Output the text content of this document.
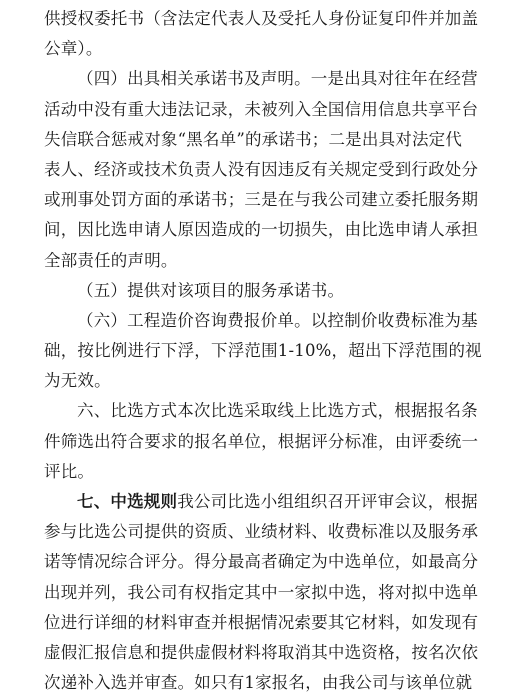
供授权委托书（含法定代表人及受托人身份证复印件并加盖
公章）。
（四）出具相关承诺书及声明。一是出具对往年在经营
活动中没有重大违法记录，未被列入全国信用信息共享平台
失信联合惩戒对象“黑名单”的承诺书；二是出具对法定代
表人、经济或技术负责人没有因违反有关规定受到行政处分
或刑事处罚方面的承诺书；三是在与我公司建立委托服务期
间，因比选申请人原因造成的一切损失，由比选申请人承担
全部责任的声明。
（五）提供对该项目的服务承诺书。
（六）工程造价咨询费报价单。以控制价收费标准为基
础，按比例进行下浮，下浮范围1-10%，超出下浮范围的视
为无效。
六、比选方式本次比选采取线上比选方式，根据报名条
件筛选出符合要求的报名单位，根据评分标准，由评委统一
评比。
七、中选规则我公司比选小组组织召开评审会议，根据
参与比选公司提供的资质、业绩材料、收费标准以及服务承
诺等情况综合评分。得分最高者确定为中选单位，如最高分
出现并列，我公司有权指定其中一家拟中选，将对拟中选单
位进行详细的材料审查并根据情况索要其它材料，如发现有
虚假汇报信息和提供虚假材料将取消其中选资格，按名次依
次递补入选并审查。如只有1家报名，由我公司与该单位就
